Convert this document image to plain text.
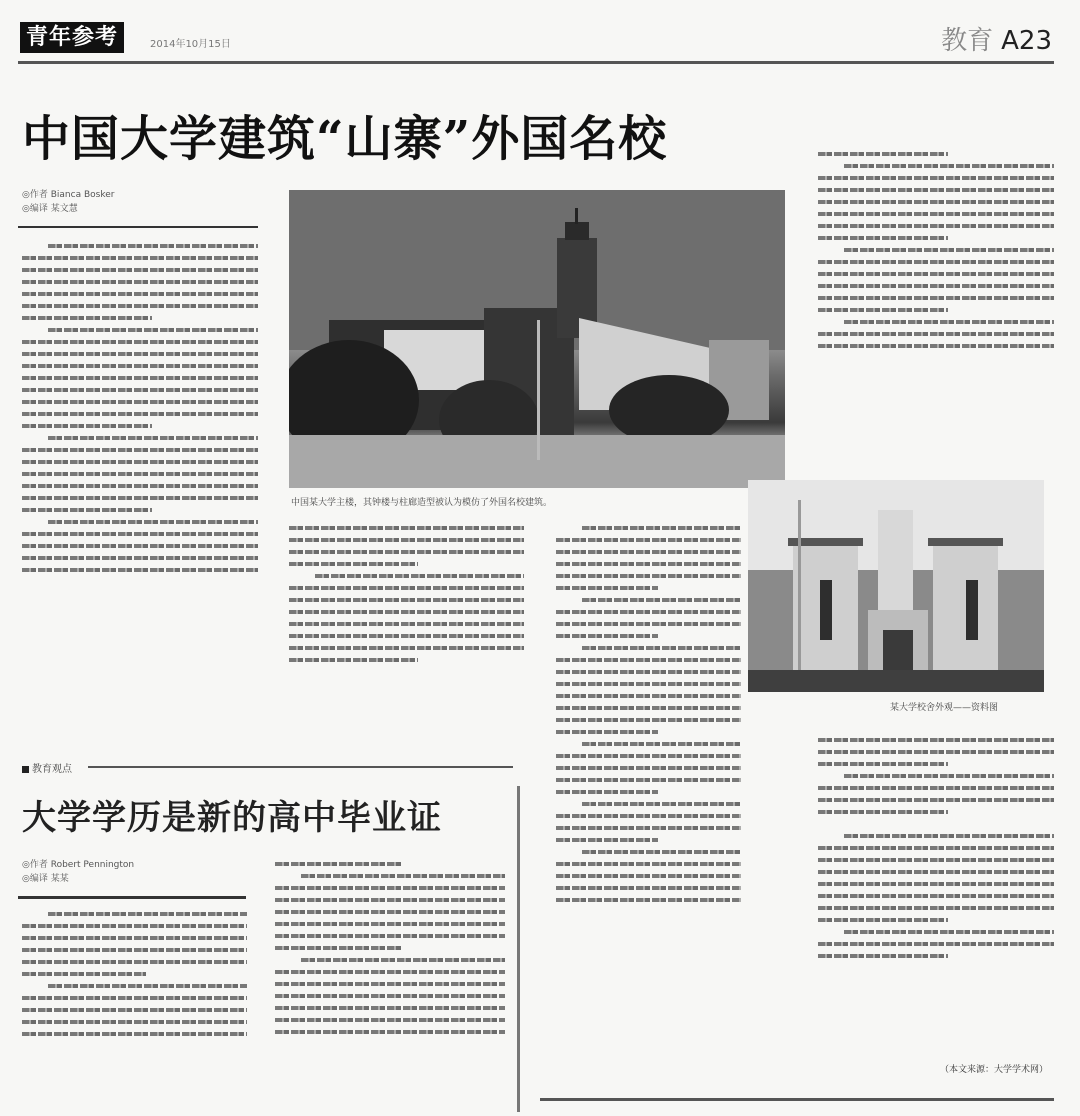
青年参考	2014年10月15日	教育 A23
中国大学建筑“山寨”外国名校
◎作者 Bianca Bosker
◎编译 某文慧
中国某大学主楼，其钟楼与柱廊造型被认为模仿了外国名校建筑。
某大学校舍外观——资料图
（本文来源：大学学术网）
教育观点
大学学历是新的高中毕业证
◎作者 Robert Pennington
◎编译 某某
